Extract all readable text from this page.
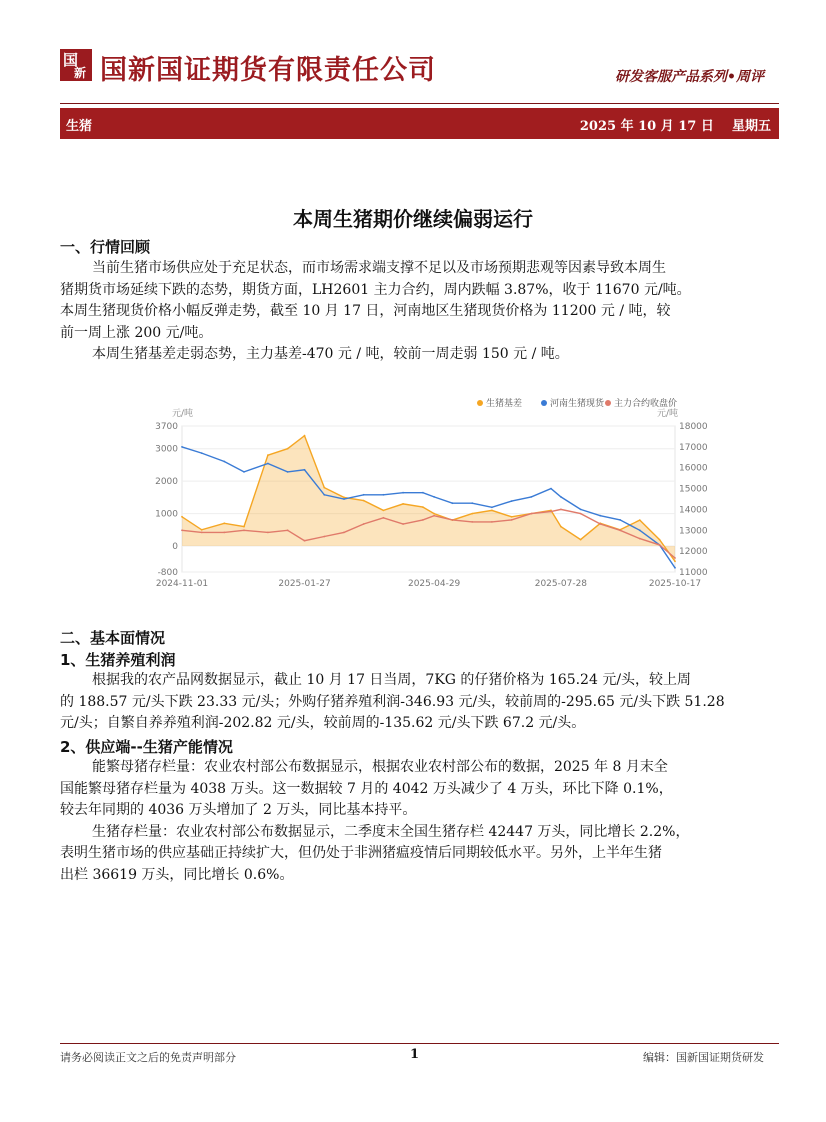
国
新 国新国证期货有限责任公司	研发客服产品系列•周评
生猪	2025 年 10 月 17 日 星期五
本周生猪期价继续偏弱运行
一、行情回顾
当前生猪市场供应处于充足状态，而市场需求端支撑不足以及市场预期悲观等因素导致本周生
猪期货市场延续下跌的态势，期货方面，LH2601 主力合约，周内跌幅 3.87%，收于 11670 元/吨。
本周生猪现货价格小幅反弹走势，截至 10 月 17 日，河南地区生猪现货价格为 11200 元 / 吨，较
前一周上涨 200 元/吨。
本周生猪基差走弱态势，主力基差-470 元 / 吨，较前一周走弱 150 元 / 吨。
生猪基差	河南生猪现货 主力合约收盘价
元/吨	元/吨
3700
3000
2000
1000
0
-800
18000
17000
16000
15000
14000
13000
12000
11000
2024-11-01	2025-01-27	2025-04-29	2025-07-28	2025-10-17
二、基本面情况
1、生猪养殖利润
根据我的农产品网数据显示，截止 10 月 17 日当周，7KG 的仔猪价格为 165.24 元/头，较上周
的 188.57 元/头下跌 23.33 元/头；外购仔猪养殖利润-346.93 元/头，较前周的-295.65 元/头下跌 51.28
元/头；自繁自养养殖利润-202.82 元/头，较前周的-135.62 元/头下跌 67.2 元/头。
2、供应端--生猪产能情况
能繁母猪存栏量：农业农村部公布数据显示，根据农业农村部公布的数据，2025 年 8 月末全
国能繁母猪存栏量为 4038 万头。这一数据较 7 月的 4042 万头减少了 4 万头，环比下降 0.1%，
较去年同期的 4036 万头增加了 2 万头，同比基本持平。
生猪存栏量：农业农村部公布数据显示，二季度末全国生猪存栏 42447 万头，同比增长 2.2%，
表明生猪市场的供应基础正持续扩大，但仍处于非洲猪瘟疫情后同期较低水平。另外，上半年生猪
出栏 36619 万头，同比增长 0.6%。
请务必阅读正文之后的免责声明部分	1	编辑：国新国证期货研发
